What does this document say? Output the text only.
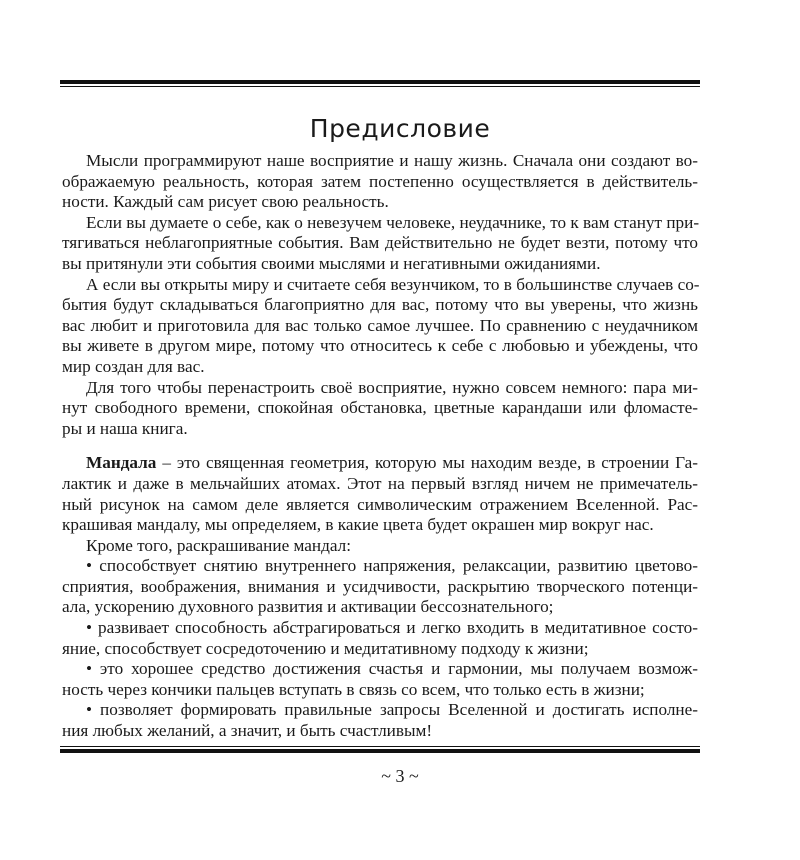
Предисловие
Мысли программируют наше восприятие и нашу жизнь. Сначала они создают во-
ображаемую реальность, которая затем постепенно осуществляется в действитель-
ности. Каждый сам рисует свою реальность.
Если вы думаете о себе, как о невезучем человеке, неудачнике, то к вам станут при-
тягиваться неблагоприятные события. Вам действительно не будет везти, потому что
вы притянули эти события своими мыслями и негативными ожиданиями.
А если вы открыты миру и считаете себя везунчиком, то в большинстве случаев со-
бытия будут складываться благоприятно для вас, потому что вы уверены, что жизнь
вас любит и приготовила для вас только самое лучшее. По сравнению с неудачником
вы живете в другом мире, потому что относитесь к себе с любовью и убеждены, что
мир создан для вас.
Для того чтобы перенастроить своё восприятие, нужно совсем немного: пара ми-
нут свободного времени, спокойная обстановка, цветные карандаши или фломасте-
ры и наша книга.
Мандала – это священная геометрия, которую мы находим везде, в строении Га-
лактик и даже в мельчайших атомах. Этот на первый взгляд ничем не примечатель-
ный рисунок на самом деле является символическим отражением Вселенной. Рас-
крашивая мандалу, мы определяем, в какие цвета будет окрашен мир вокруг нас.
Кроме того, раскрашивание мандал:
• способствует снятию внутреннего напряжения, релаксации, развитию цветово-
сприятия, воображения, внимания и усидчивости, раскрытию творческого потенци-
ала, ускорению духовного развития и активации бессознательного;
• развивает способность абстрагироваться и легко входить в медитативное состо-
яние, способствует сосредоточению и медитативному подходу к жизни;
• это хорошее средство достижения счастья и гармонии, мы получаем возмож-
ность через кончики пальцев вступать в связь со всем, что только есть в жизни;
• позволяет формировать правильные запросы Вселенной и достигать исполне-
ния любых желаний, а значит, и быть счастливым!
~ 3 ~
